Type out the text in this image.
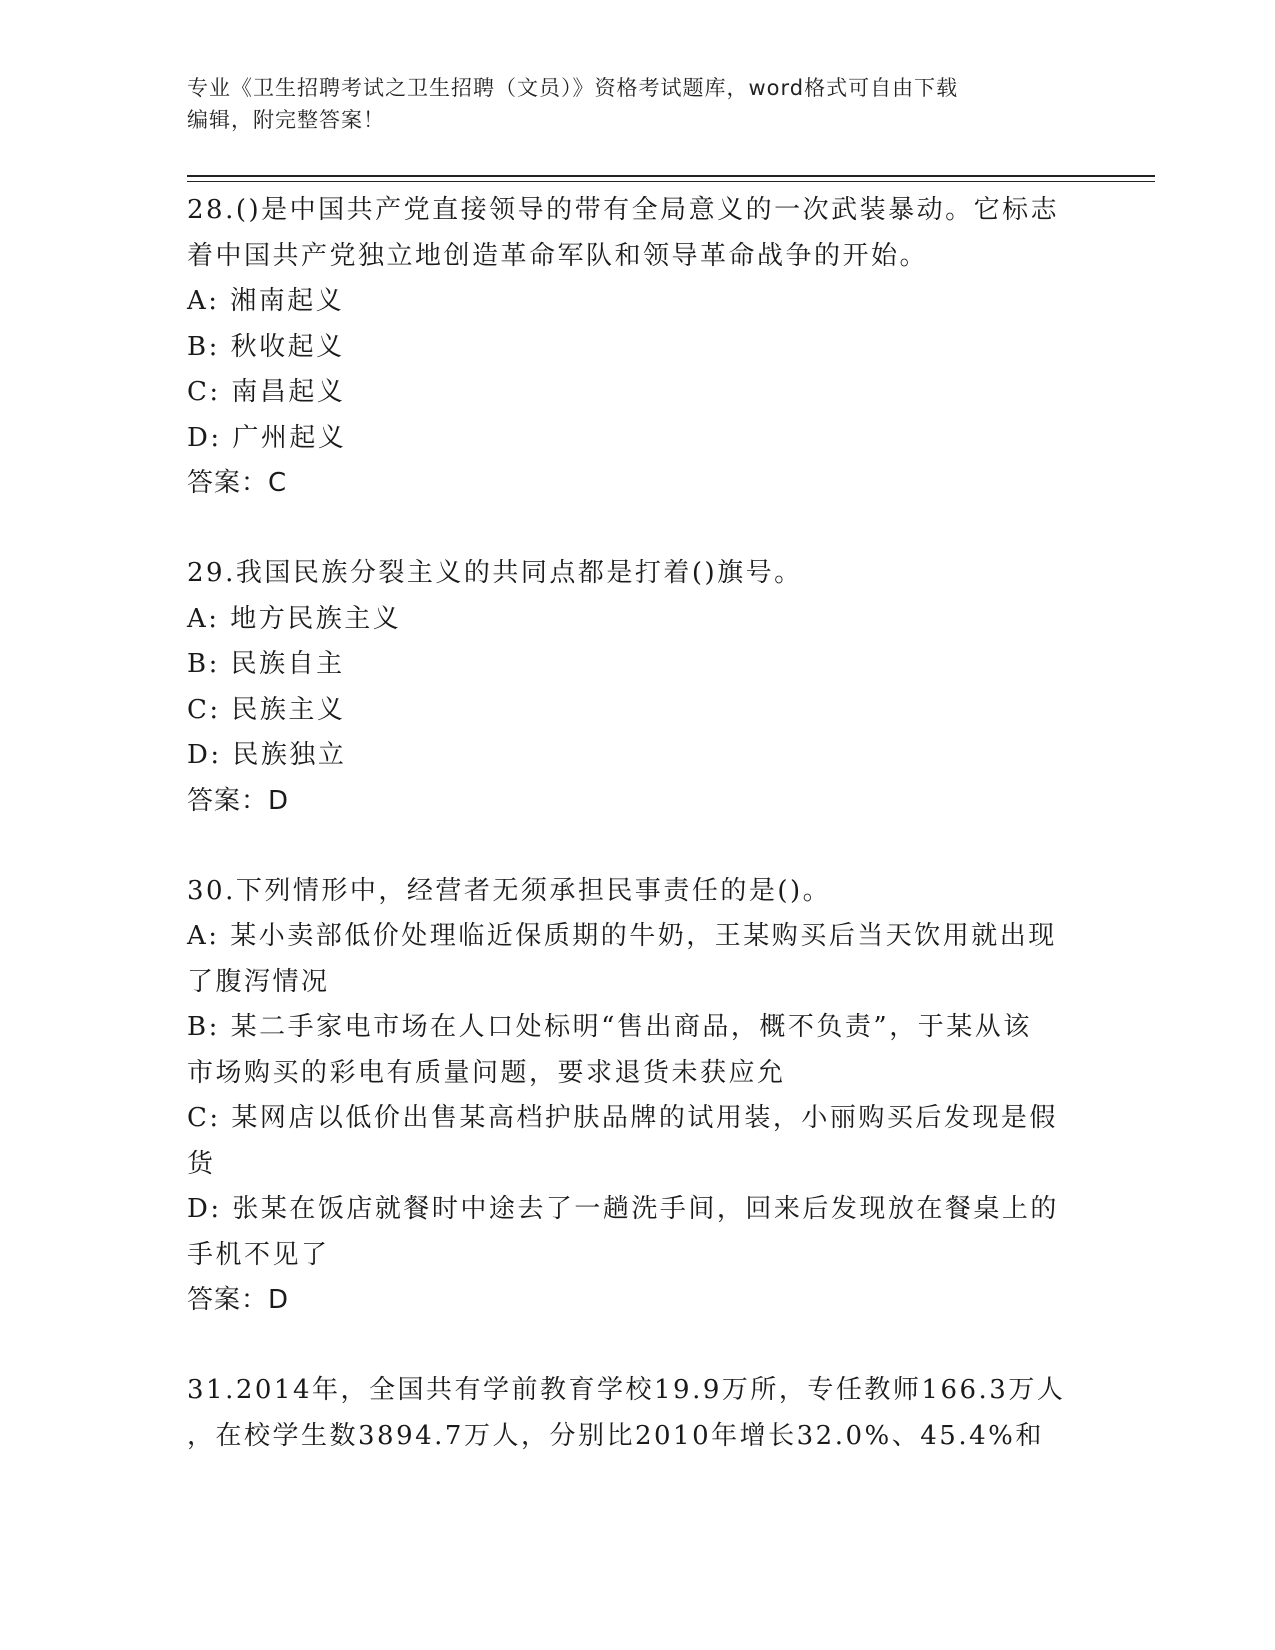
专业《卫生招聘考试之卫生招聘（文员）》资格考试题库，word格式可自由下载
编辑，附完整答案！
28.()是中国共产党直接领导的带有全局意义的一次武装暴动。它标志
着中国共产党独立地创造革命军队和领导革命战争的开始。
A: 湘南起义
B: 秋收起义
C: 南昌起义
D: 广州起义
答案：C
29.我国民族分裂主义的共同点都是打着()旗号。
A: 地方民族主义
B: 民族自主
C: 民族主义
D: 民族独立
答案：D
30.下列情形中，经营者无须承担民事责任的是()。
A: 某小卖部低价处理临近保质期的牛奶，王某购买后当天饮用就出现
了腹泻情况
B: 某二手家电市场在人口处标明“售出商品，概不负责”，于某从该
市场购买的彩电有质量问题，要求退货未获应允
C: 某网店以低价出售某高档护肤品牌的试用装，小丽购买后发现是假
货
D: 张某在饭店就餐时中途去了一趟洗手间，回来后发现放在餐桌上的
手机不见了
答案：D
31.2014年，全国共有学前教育学校19.9万所，专任教师166.3万人
，在校学生数3894.7万人，分别比2010年增长32.0%、45.4%和
